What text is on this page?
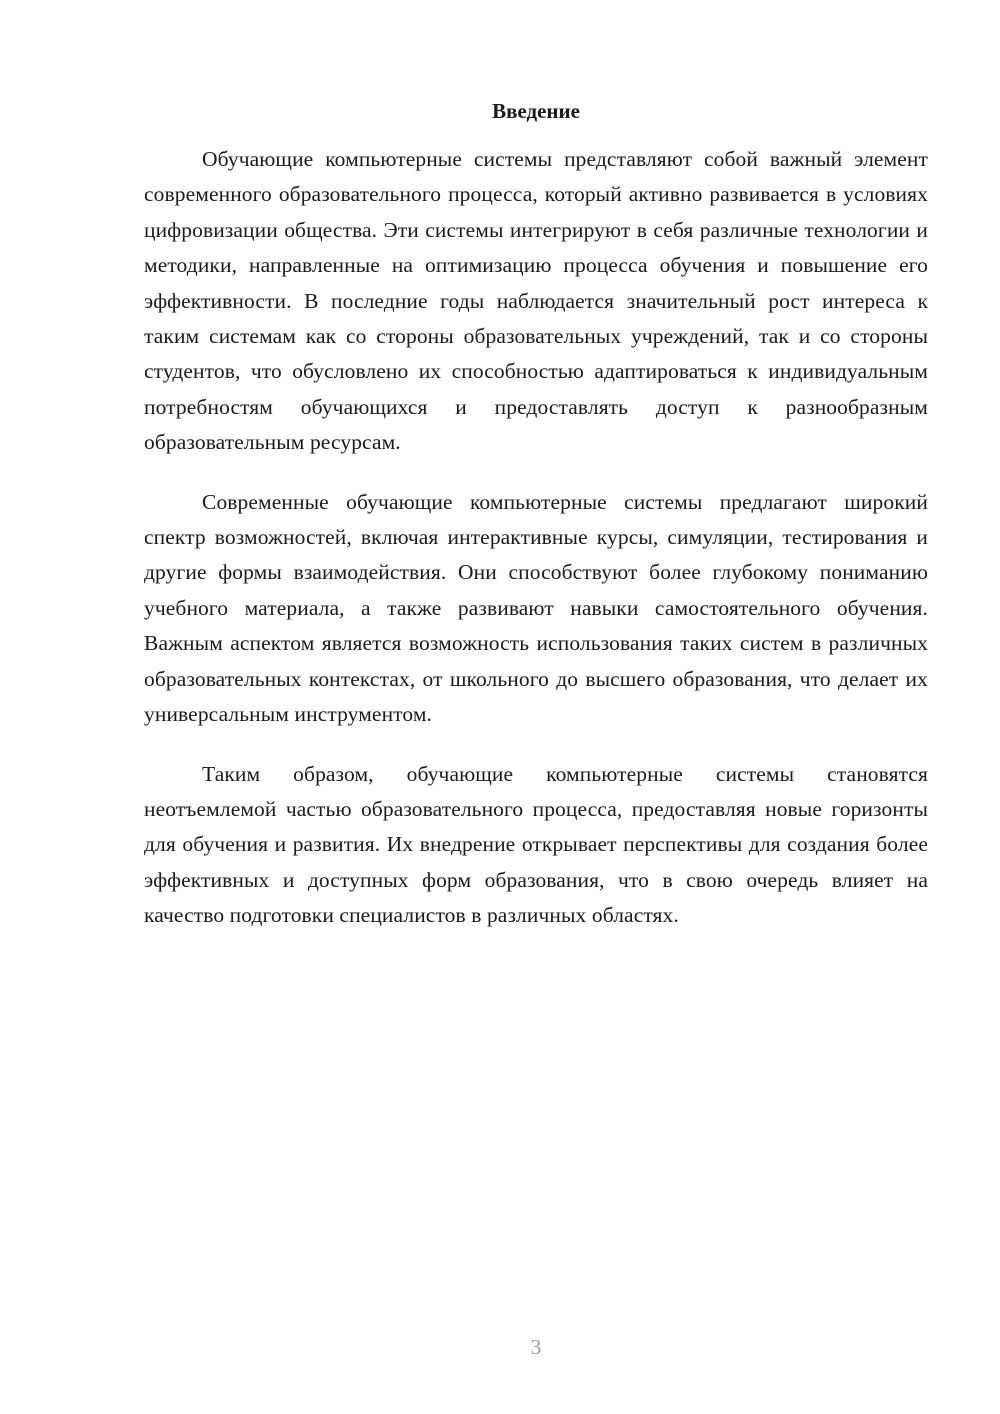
Введение

Обучающие компьютерные системы представляют собой важный элемент современного образовательного процесса, который активно развивается в условиях цифровизации общества. Эти системы интегрируют в себя различные технологии и методики, направленные на оптимизацию процесса обучения и повышение его эффективности. В последние годы наблюдается значительный рост интереса к таким системам как со стороны образовательных учреждений, так и со стороны студентов, что обусловлено их способностью адаптироваться к индивидуальным потребностям обучающихся и предоставлять доступ к разнообразным образовательным ресурсам.

Современные обучающие компьютерные системы предлагают широкий спектр возможностей, включая интерактивные курсы, симуляции, тестирования и другие формы взаимодействия. Они способствуют более глубокому пониманию учебного материала, а также развивают навыки самостоятельного обучения. Важным аспектом является возможность использования таких систем в различных образовательных контекстах, от школьного до высшего образования, что делает их универсальным инструментом.

Таким образом, обучающие компьютерные системы становятся неотъемлемой частью образовательного процесса, предоставляя новые горизонты для обучения и развития. Их внедрение открывает перспективы для создания более эффективных и доступных форм образования, что в свою очередь влияет на качество подготовки специалистов в различных областях.

3
